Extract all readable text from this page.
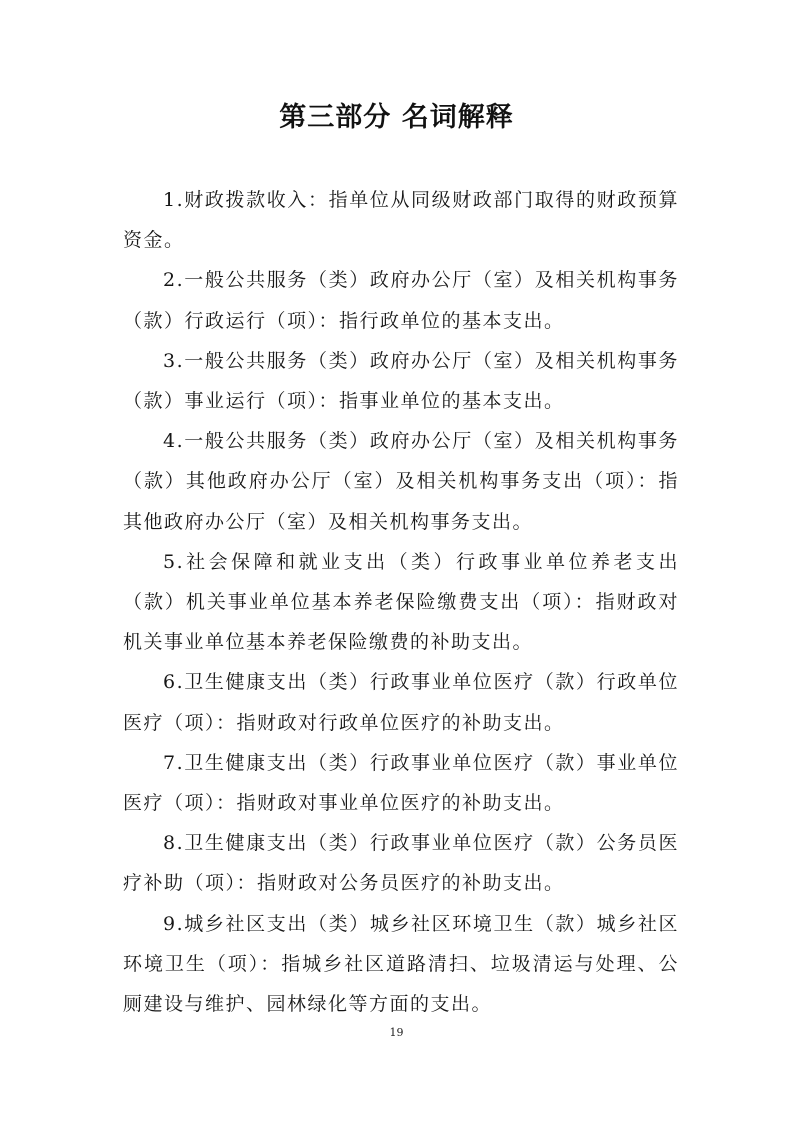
第三部分 名词解释

1.财政拨款收入：指单位从同级财政部门取得的财政预算资金。

2.一般公共服务（类）政府办公厅（室）及相关机构事务（款）行政运行（项）：指行政单位的基本支出。

3.一般公共服务（类）政府办公厅（室）及相关机构事务（款）事业运行（项）：指事业单位的基本支出。

4.一般公共服务（类）政府办公厅（室）及相关机构事务（款）其他政府办公厅（室）及相关机构事务支出（项）：指其他政府办公厅（室）及相关机构事务支出。

5.社会保障和就业支出（类）行政事业单位养老支出（款）机关事业单位基本养老保险缴费支出（项）：指财政对机关事业单位基本养老保险缴费的补助支出。

6.卫生健康支出（类）行政事业单位医疗（款）行政单位医疗（项）：指财政对行政单位医疗的补助支出。

7.卫生健康支出（类）行政事业单位医疗（款）事业单位医疗（项）：指财政对事业单位医疗的补助支出。

8.卫生健康支出（类）行政事业单位医疗（款）公务员医疗补助（项）：指财政对公务员医疗的补助支出。

9.城乡社区支出（类）城乡社区环境卫生（款）城乡社区环境卫生（项）：指城乡社区道路清扫、垃圾清运与处理、公厕建设与维护、园林绿化等方面的支出。

19
